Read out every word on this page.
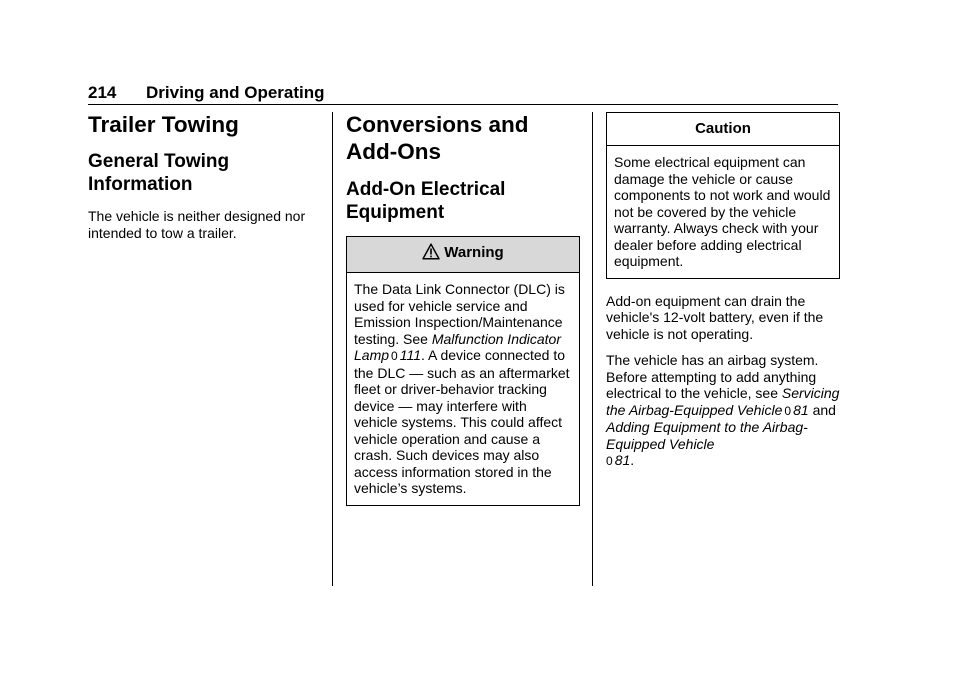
214 Driving and Operating
Trailer Towing
General Towing Information

The vehicle is neither designed nor intended to tow a trailer.

Conversions and Add-Ons
Add-On Electrical Equipment
Warning
The Data Link Connector (DLC) is used for vehicle service and Emission Inspection/Maintenance testing. See Malfunction Indicator Lamp 0 111. A device connected to the DLC — such as an aftermarket fleet or driver-behavior tracking device — may interfere with vehicle systems. This could affect vehicle operation and cause a crash. Such devices may also access information stored in the vehicle’s systems.
Caution
Some electrical equipment can damage the vehicle or cause components to not work and would not be covered by the vehicle warranty. Always check with your dealer before adding electrical equipment.

Add-on equipment can drain the vehicle's 12-volt battery, even if the vehicle is not operating.

The vehicle has an airbag system. Before attempting to add anything electrical to the vehicle, see Servicing the Airbag-Equipped Vehicle 0 81 and Adding Equipment to the Airbag-Equipped Vehicle
0 81.
